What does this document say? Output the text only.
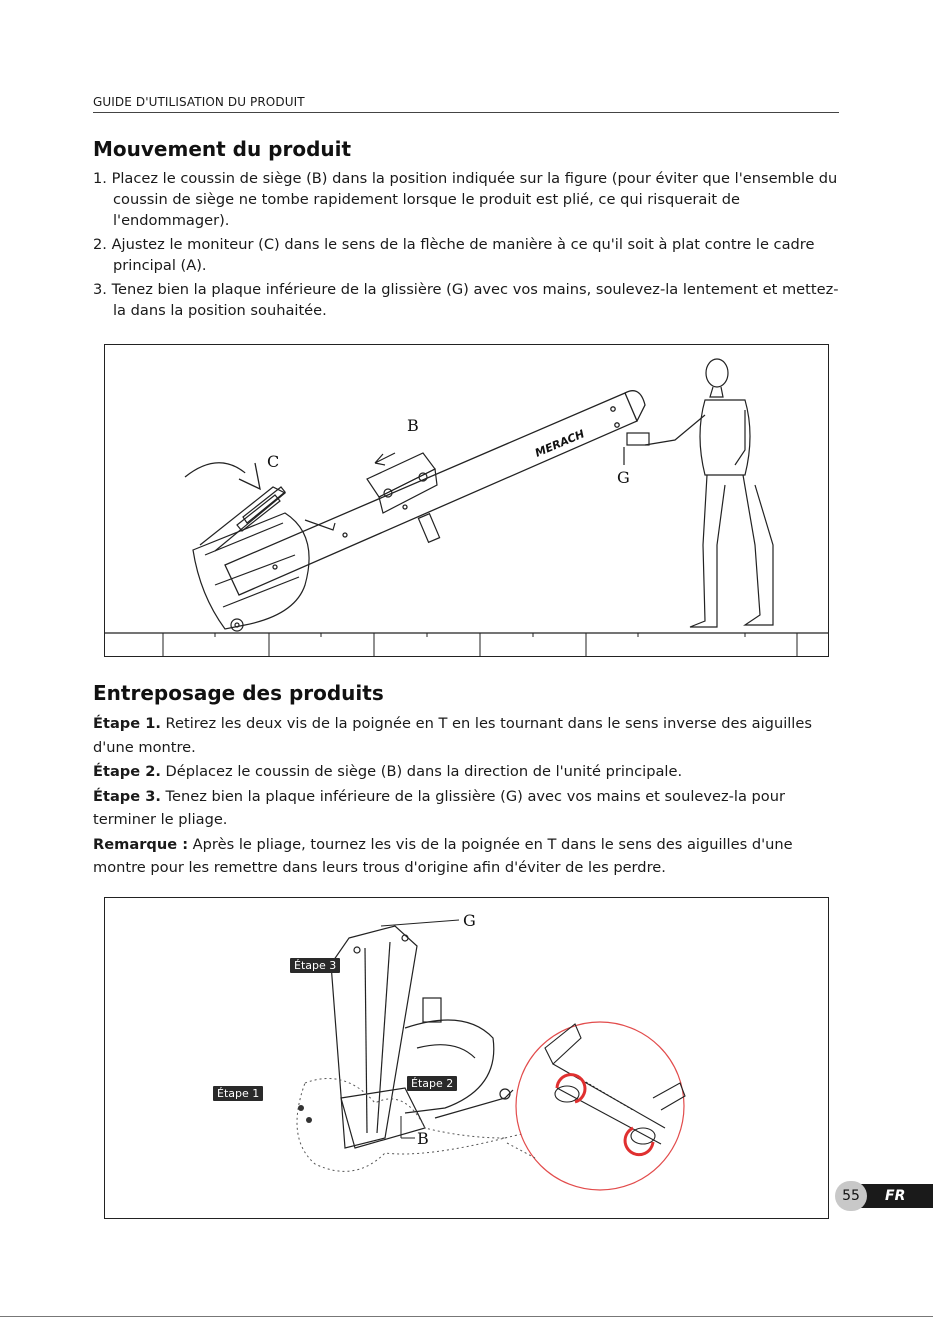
GUIDE D'UTILISATION DU PRODUIT
Mouvement du produit
1. Placez le coussin de siège (B) dans la position indiquée sur la figure (pour éviter que l'ensemble du coussin de siège ne tombe rapidement lorsque le produit est plié, ce qui risquerait de l'endommager).
2. Ajustez le moniteur (C) dans le sens de la flèche de manière à ce qu'il soit à plat contre le cadre principal (A).
3. Tenez bien la plaque inférieure de la glissière (G) avec vos mains, soulevez-la lentement et mettez-la dans la position souhaitée.
MERACH
B
C
G
Entreposage des produits

Étape 1. Retirez les deux vis de la poignée en T en les tournant dans le sens inverse des aiguilles d'une montre.

Étape 2. Déplacez le coussin de siège (B) dans la direction de l'unité principale.

Étape 3. Tenez bien la plaque inférieure de la glissière (G) avec vos mains et soulevez-la pour terminer le pliage.

Remarque : Après le pliage, tournez les vis de la poignée en T dans le sens des aiguilles d'une montre pour les remettre dans leurs trous d'origine afin d'éviter de les perdre.

G
B
Étape 3
Étape 1
Étape 2
55	FR
